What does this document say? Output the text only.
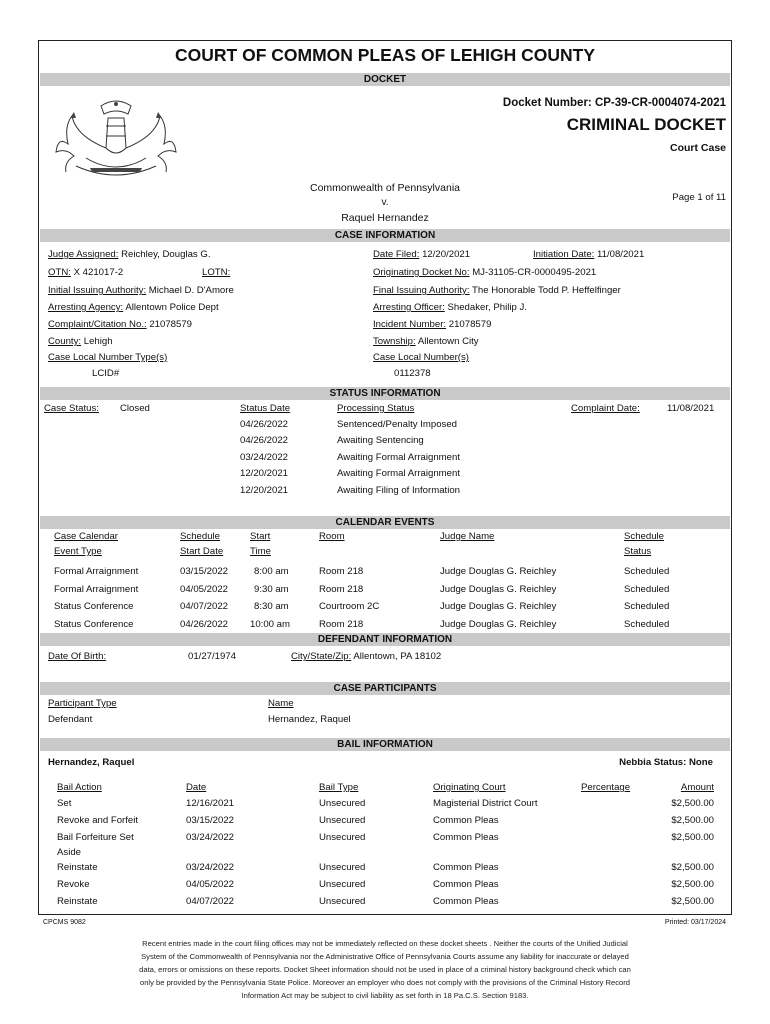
COURT OF COMMON PLEAS OF LEHIGH COUNTY
DOCKET
Docket Number: CP-39-CR-0004074-2021
CRIMINAL DOCKET
Court Case
Commonwealth of Pennsylvania
v.
Raquel Hernandez
Page 1 of 11
CASE INFORMATION
Judge Assigned: Reichley, Douglas G.	Date Filed: 12/20/2021	Initiation Date: 11/08/2021
OTN: X 421017-2	LOTN:	Originating Docket No: MJ-31105-CR-0000495-2021
Initial Issuing Authority: Michael D. D'Amore	Final Issuing Authority: The Honorable Todd P. Heffelfinger
Arresting Agency: Allentown Police Dept	Arresting Officer: Shedaker, Philip J.
Complaint/Citation No.: 21078579	Incident Number: 21078579
County: Lehigh	Township: Allentown City
Case Local Number Type(s)	Case Local Number(s)
LCID#	0112378
STATUS INFORMATION
Case Status: Closed	Status Date	Processing Status	Complaint Date:	11/08/2021
04/26/2022	Sentenced/Penalty Imposed
04/26/2022	Awaiting Sentencing
03/24/2022	Awaiting Formal Arraignment
12/20/2021	Awaiting Formal Arraignment
12/20/2021	Awaiting Filing of Information
CALENDAR EVENTS
Case Calendar
Event Type
Schedule
Start Date
Start
Time
Room	Judge Name	Schedule
Status
Formal Arraignment	03/15/2022	8:00 am	Room 218	Judge Douglas G. Reichley	Scheduled
Formal Arraignment	04/05/2022	9:30 am	Room 218	Judge Douglas G. Reichley	Scheduled
Status Conference	04/07/2022	8:30 am	Courtroom 2C	Judge Douglas G. Reichley	Scheduled
Status Conference	04/26/2022 10:00 am	Room 218	Judge Douglas G. Reichley	Scheduled
DEFENDANT INFORMATION
Date Of Birth:	01/27/1974	City/State/Zip: Allentown, PA 18102
CASE PARTICIPANTS
Participant Type	Name
Defendant	Hernandez, Raquel
BAIL INFORMATION
Hernandez, Raquel	Nebbia Status: None
Bail Action	Date	Bail Type	Originating Court	Percentage	Amount
Set	12/16/2021	Unsecured	Magisterial District Court	$2,500.00
Revoke and Forfeit	03/15/2022	Unsecured	Common Pleas	$2,500.00
Bail Forfeiture Set
Aside
03/24/2022	Unsecured	Common Pleas	$2,500.00
Reinstate	03/24/2022	Unsecured	Common Pleas	$2,500.00
Revoke	04/05/2022	Unsecured	Common Pleas	$2,500.00
Reinstate	04/07/2022	Unsecured	Common Pleas	$2,500.00
CPCMS 9082	Printed: 03/17/2024
Recent entries made in the court filing offices may not be immediately reflected on these docket sheets . Neither the courts of the Unified Judicial
System of the Commonwealth of Pennsylvania nor the Administrative Office of Pennsylvania Courts assume any liability for inaccurate or delayed
data, errors or omissions on these reports. Docket Sheet information should not be used in place of a criminal history background check which can
only be provided by the Pennsylvania State Police. Moreover an employer who does not comply with the provisions of the Criminal History Record
Information Act may be subject to civil liability as set forth in 18 Pa.C.S. Section 9183.
